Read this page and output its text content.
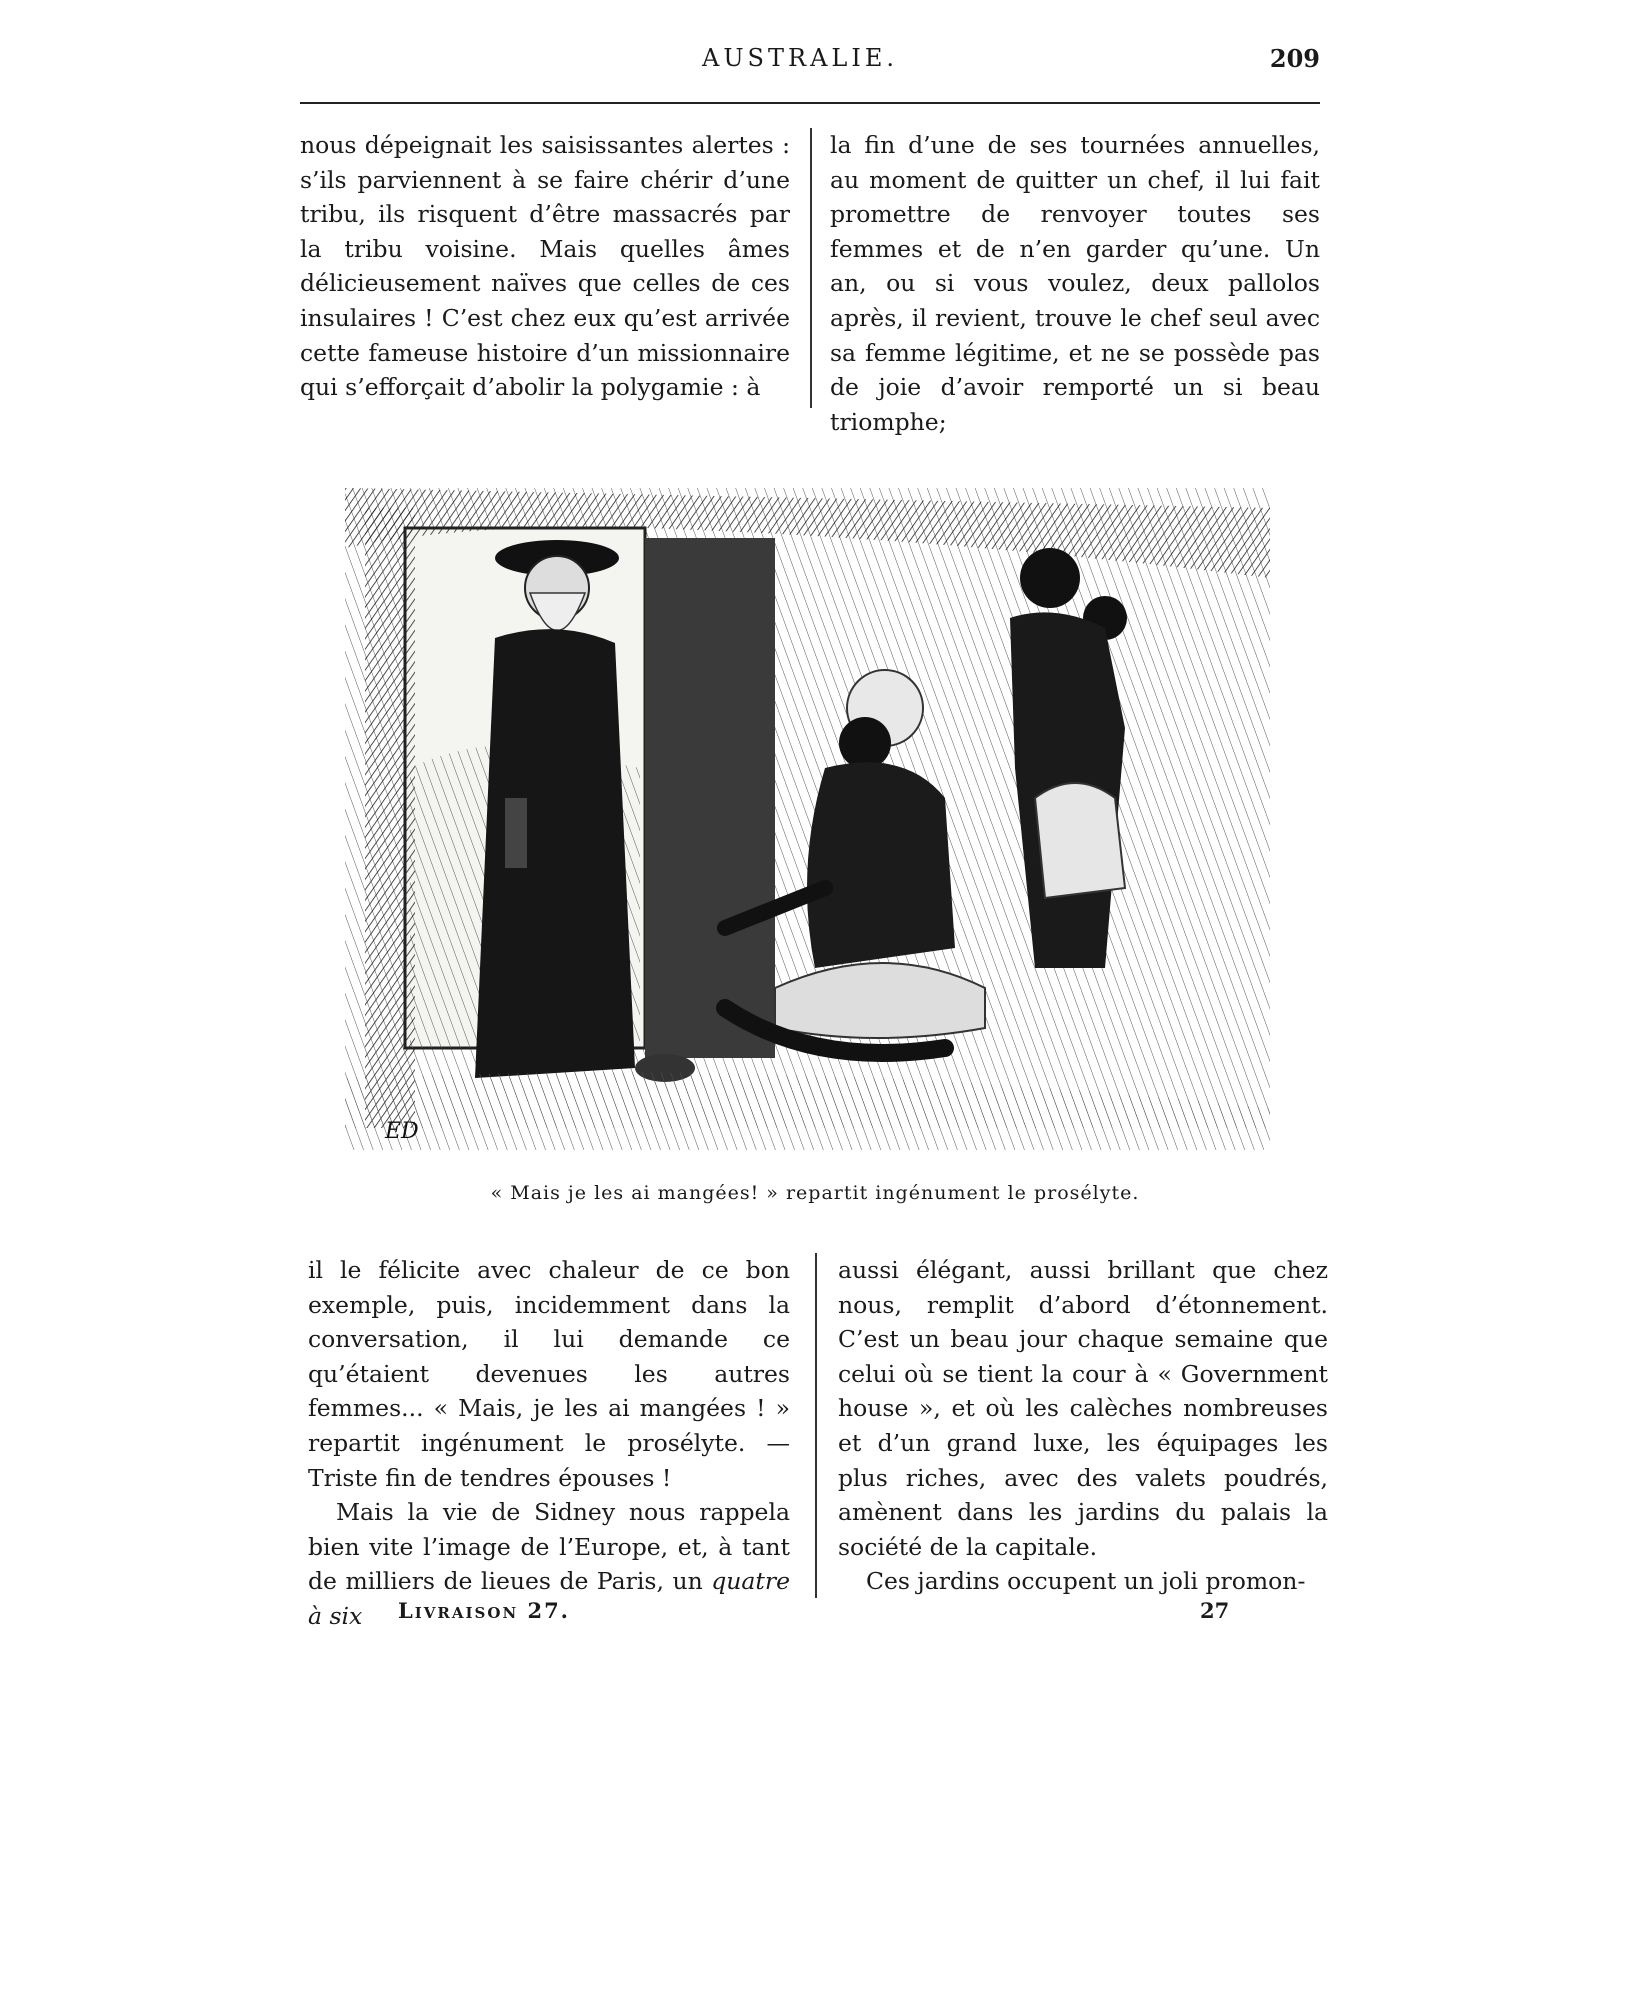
AUSTRALIE.	209

nous dépeignait les saisissantes alertes : s’ils parviennent à se faire chérir d’une tribu, ils risquent d’être massacrés par la tribu voisine. Mais quelles âmes délicieusement naïves que celles de ces insulaires ! C’est chez eux qu’est arrivée cette fameuse histoire d’un missionnaire qui s’efforçait d’abolir la polygamie : à

la fin d’une de ses tournées annuelles, au moment de quitter un chef, il lui fait promettre de renvoyer toutes ses femmes et de n’en garder qu’une. Un an, ou si vous voulez, deux pallolos après, il revient, trouve le chef seul avec sa femme légitime, et ne se possède pas de joie d’avoir remporté un si beau triomphe;

ED
« Mais je les ai mangées! » repartit ingénument le prosélyte.

il le félicite avec chaleur de ce bon exemple, puis, incidemment dans la conversation, il lui demande ce qu’étaient devenues les autres femmes... « Mais, je les ai mangées ! » repartit ingénument le prosélyte. — Triste fin de tendres épouses !

Mais la vie de Sidney nous rappela bien vite l’image de l’Europe, et, à tant de milliers de lieues de Paris, un quatre à six

aussi élégant, aussi brillant que chez nous, remplit d’abord d’étonnement. C’est un beau jour chaque semaine que celui où se tient la cour à « Government house », et où les calèches nombreuses et d’un grand luxe, les équipages les plus riches, avec des valets poudrés, amènent dans les jardins du palais la société de la capitale.

Ces jardins occupent un joli promon-

Livraison 27.	27
